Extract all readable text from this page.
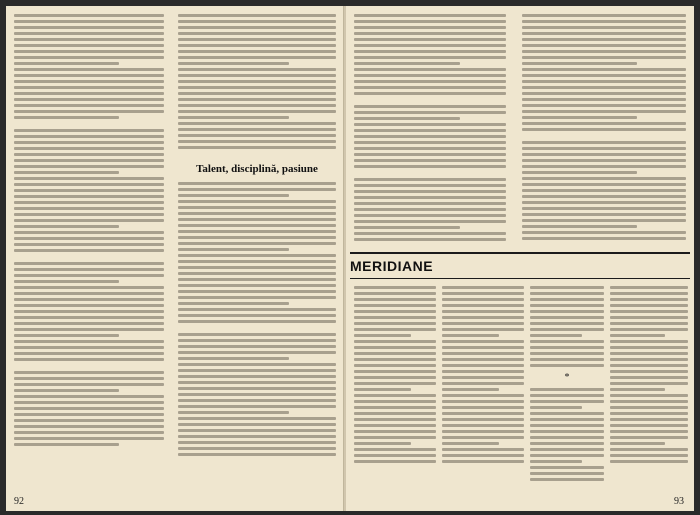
Talent, disciplină, pasiune
92
MERIDIANE
*
93
